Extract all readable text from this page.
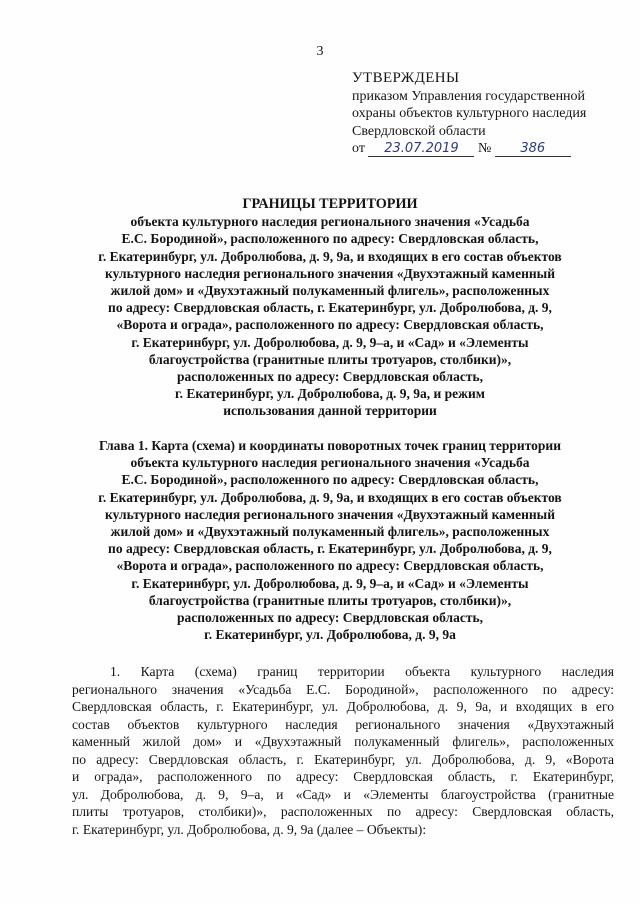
3
УТВЕРЖДЕНЫ
приказом Управления государственной
охраны объектов культурного наследия
Свердловской области
от 23.07.2019 № 386
ГРАНИЦЫ ТЕРРИТОРИИ
объекта культурного наследия регионального значения «Усадьба
Е.С. Бородиной», расположенного по адресу: Свердловская область,
г. Екатеринбург, ул. Добролюбова, д. 9, 9а, и входящих в его состав объектов
культурного наследия регионального значения «Двухэтажный каменный
жилой дом» и «Двухэтажный полукаменный флигель», расположенных
по адресу: Свердловская область, г. Екатеринбург, ул. Добролюбова, д. 9,
«Ворота и ограда», расположенного по адресу: Свердловская область,
г. Екатеринбург, ул. Добролюбова, д. 9, 9–а, и «Сад» и «Элементы
благоустройства (гранитные плиты тротуаров, столбики)»,
расположенных по адресу: Свердловская область,
г. Екатеринбург, ул. Добролюбова, д. 9, 9а, и режим
использования данной территории
Глава 1. Карта (схема) и координаты поворотных точек границ территории
объекта культурного наследия регионального значения «Усадьба
Е.С. Бородиной», расположенного по адресу: Свердловская область,
г. Екатеринбург, ул. Добролюбова, д. 9, 9а, и входящих в его состав объектов
культурного наследия регионального значения «Двухэтажный каменный
жилой дом» и «Двухэтажный полукаменный флигель», расположенных
по адресу: Свердловская область, г. Екатеринбург, ул. Добролюбова, д. 9,
«Ворота и ограда», расположенного по адресу: Свердловская область,
г. Екатеринбург, ул. Добролюбова, д. 9, 9–а, и «Сад» и «Элементы
благоустройства (гранитные плиты тротуаров, столбики)»,
расположенных по адресу: Свердловская область,
г. Екатеринбург, ул. Добролюбова, д. 9, 9а
1. Карта (схема) границ территории объекта культурного наследия
регионального значения «Усадьба Е.С. Бородиной», расположенного по адресу:
Свердловская область, г. Екатеринбург, ул. Добролюбова, д. 9, 9а, и входящих в его
состав объектов культурного наследия регионального значения «Двухэтажный
каменный жилой дом» и «Двухэтажный полукаменный флигель», расположенных
по адресу: Свердловская область, г. Екатеринбург, ул. Добролюбова, д. 9, «Ворота
и ограда», расположенного по адресу: Свердловская область, г. Екатеринбург,
ул. Добролюбова, д. 9, 9–а, и «Сад» и «Элементы благоустройства (гранитные
плиты тротуаров, столбики)», расположенных по адресу: Свердловская область,
г. Екатеринбург, ул. Добролюбова, д. 9, 9а (далее – Объекты):
